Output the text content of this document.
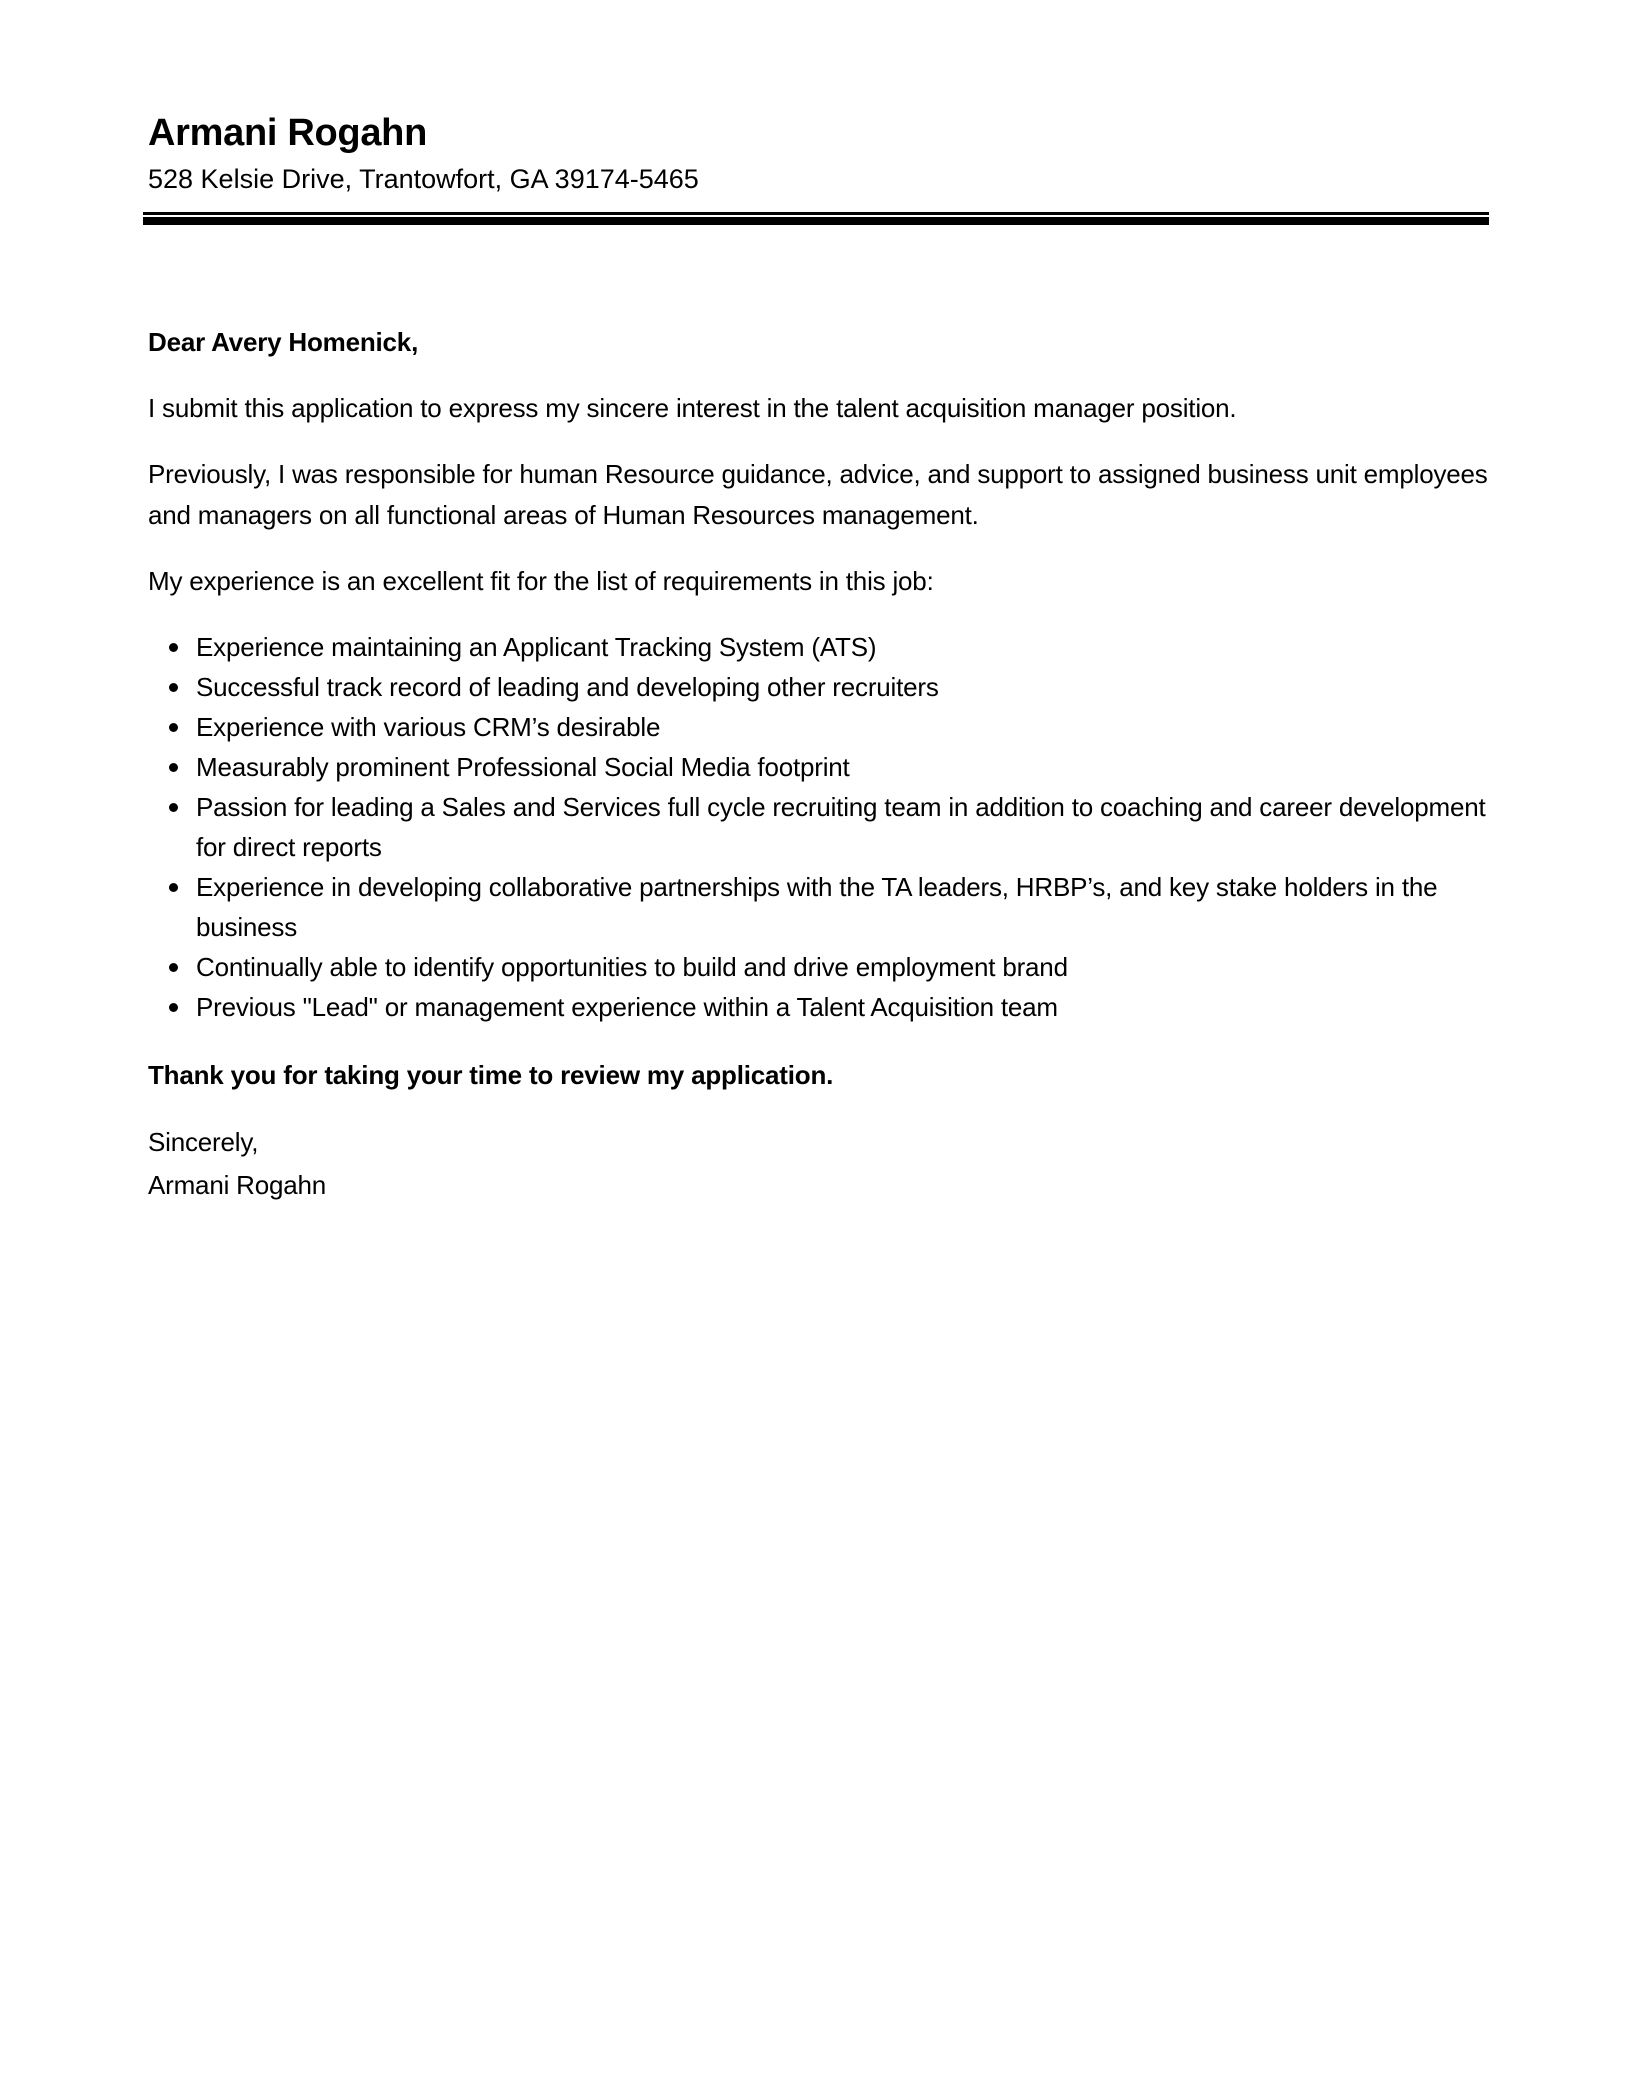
Armani Rogahn
528 Kelsie Drive, Trantowfort, GA 39174-5465

Dear Avery Homenick,

I submit this application to express my sincere interest in the talent acquisition manager position.

Previously, I was responsible for human Resource guidance, advice, and support to assigned business unit employees and managers on all functional areas of Human Resources management.

My experience is an excellent fit for the list of requirements in this job:

Experience maintaining an Applicant Tracking System (ATS)
Successful track record of leading and developing other recruiters
Experience with various CRM’s desirable
Measurably prominent Professional Social Media footprint
Passion for leading a Sales and Services full cycle recruiting team in addition to coaching and career development for direct reports
Experience in developing collaborative partnerships with the TA leaders, HRBP’s, and key stake holders in the business
Continually able to identify opportunities to build and drive employment brand
Previous "Lead" or management experience within a Talent Acquisition team

Thank you for taking your time to review my application.

Sincerely,

Armani Rogahn
